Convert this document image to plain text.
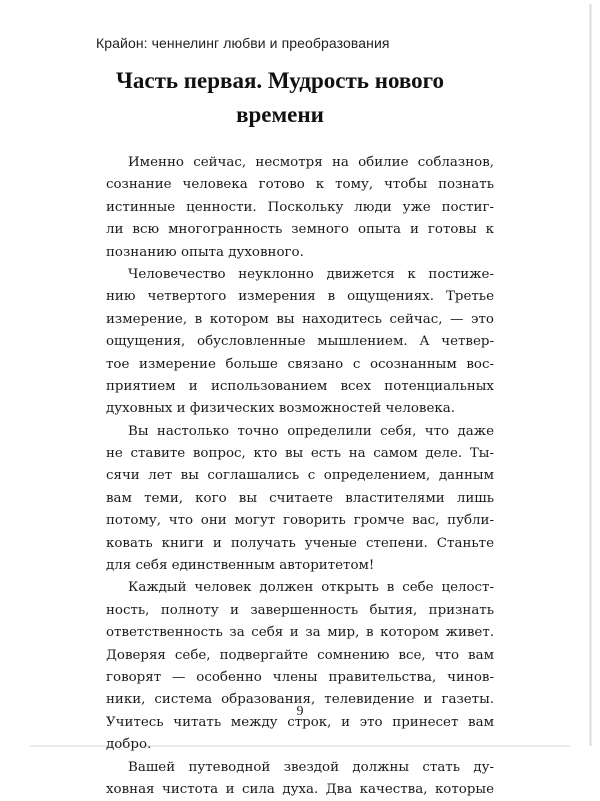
Крайон: ченнелинг любви и преобразования
Часть первая. Мудрость нового
времени

Именно сейчас, несмотря на обилие соблазнов,
сознание человека готово к тому, чтобы познать
истинные ценности. Поскольку люди уже постиг-
ли всю многогранность земного опыта и готовы к
познанию опыта духовного.

Человечество неуклонно движется к постиже-
нию четвертого измерения в ощущениях. Третье
измерение, в котором вы находитесь сейчас, — это
ощущения, обусловленные мышлением. А четвер-
тое измерение больше связано с осознанным вос-
приятием и использованием всех потенциальных
духовных и физических возможностей человека.

Вы настолько точно определили себя, что даже
не ставите вопрос, кто вы есть на самом деле. Ты-
сячи лет вы соглашались с определением, данным
вам теми, кого вы считаете властителями лишь
потому, что они могут говорить громче вас, публи-
ковать книги и получать ученые степени. Станьте
для себя единственным авторитетом!

Каждый человек должен открыть в себе целост-
ность, полноту и завершенность бытия, признать
ответственность за себя и за мир, в котором живет.
Доверяя себе, подвергайте сомнению все, что вам
говорят — особенно члены правительства, чинов-
ники, система образования, телевидение и газеты.
Учитесь читать между строк, и это принесет вам
добро.

Вашей путеводной звездой должны стать ду-
ховная чистота и сила духа. Два качества, которые

9
